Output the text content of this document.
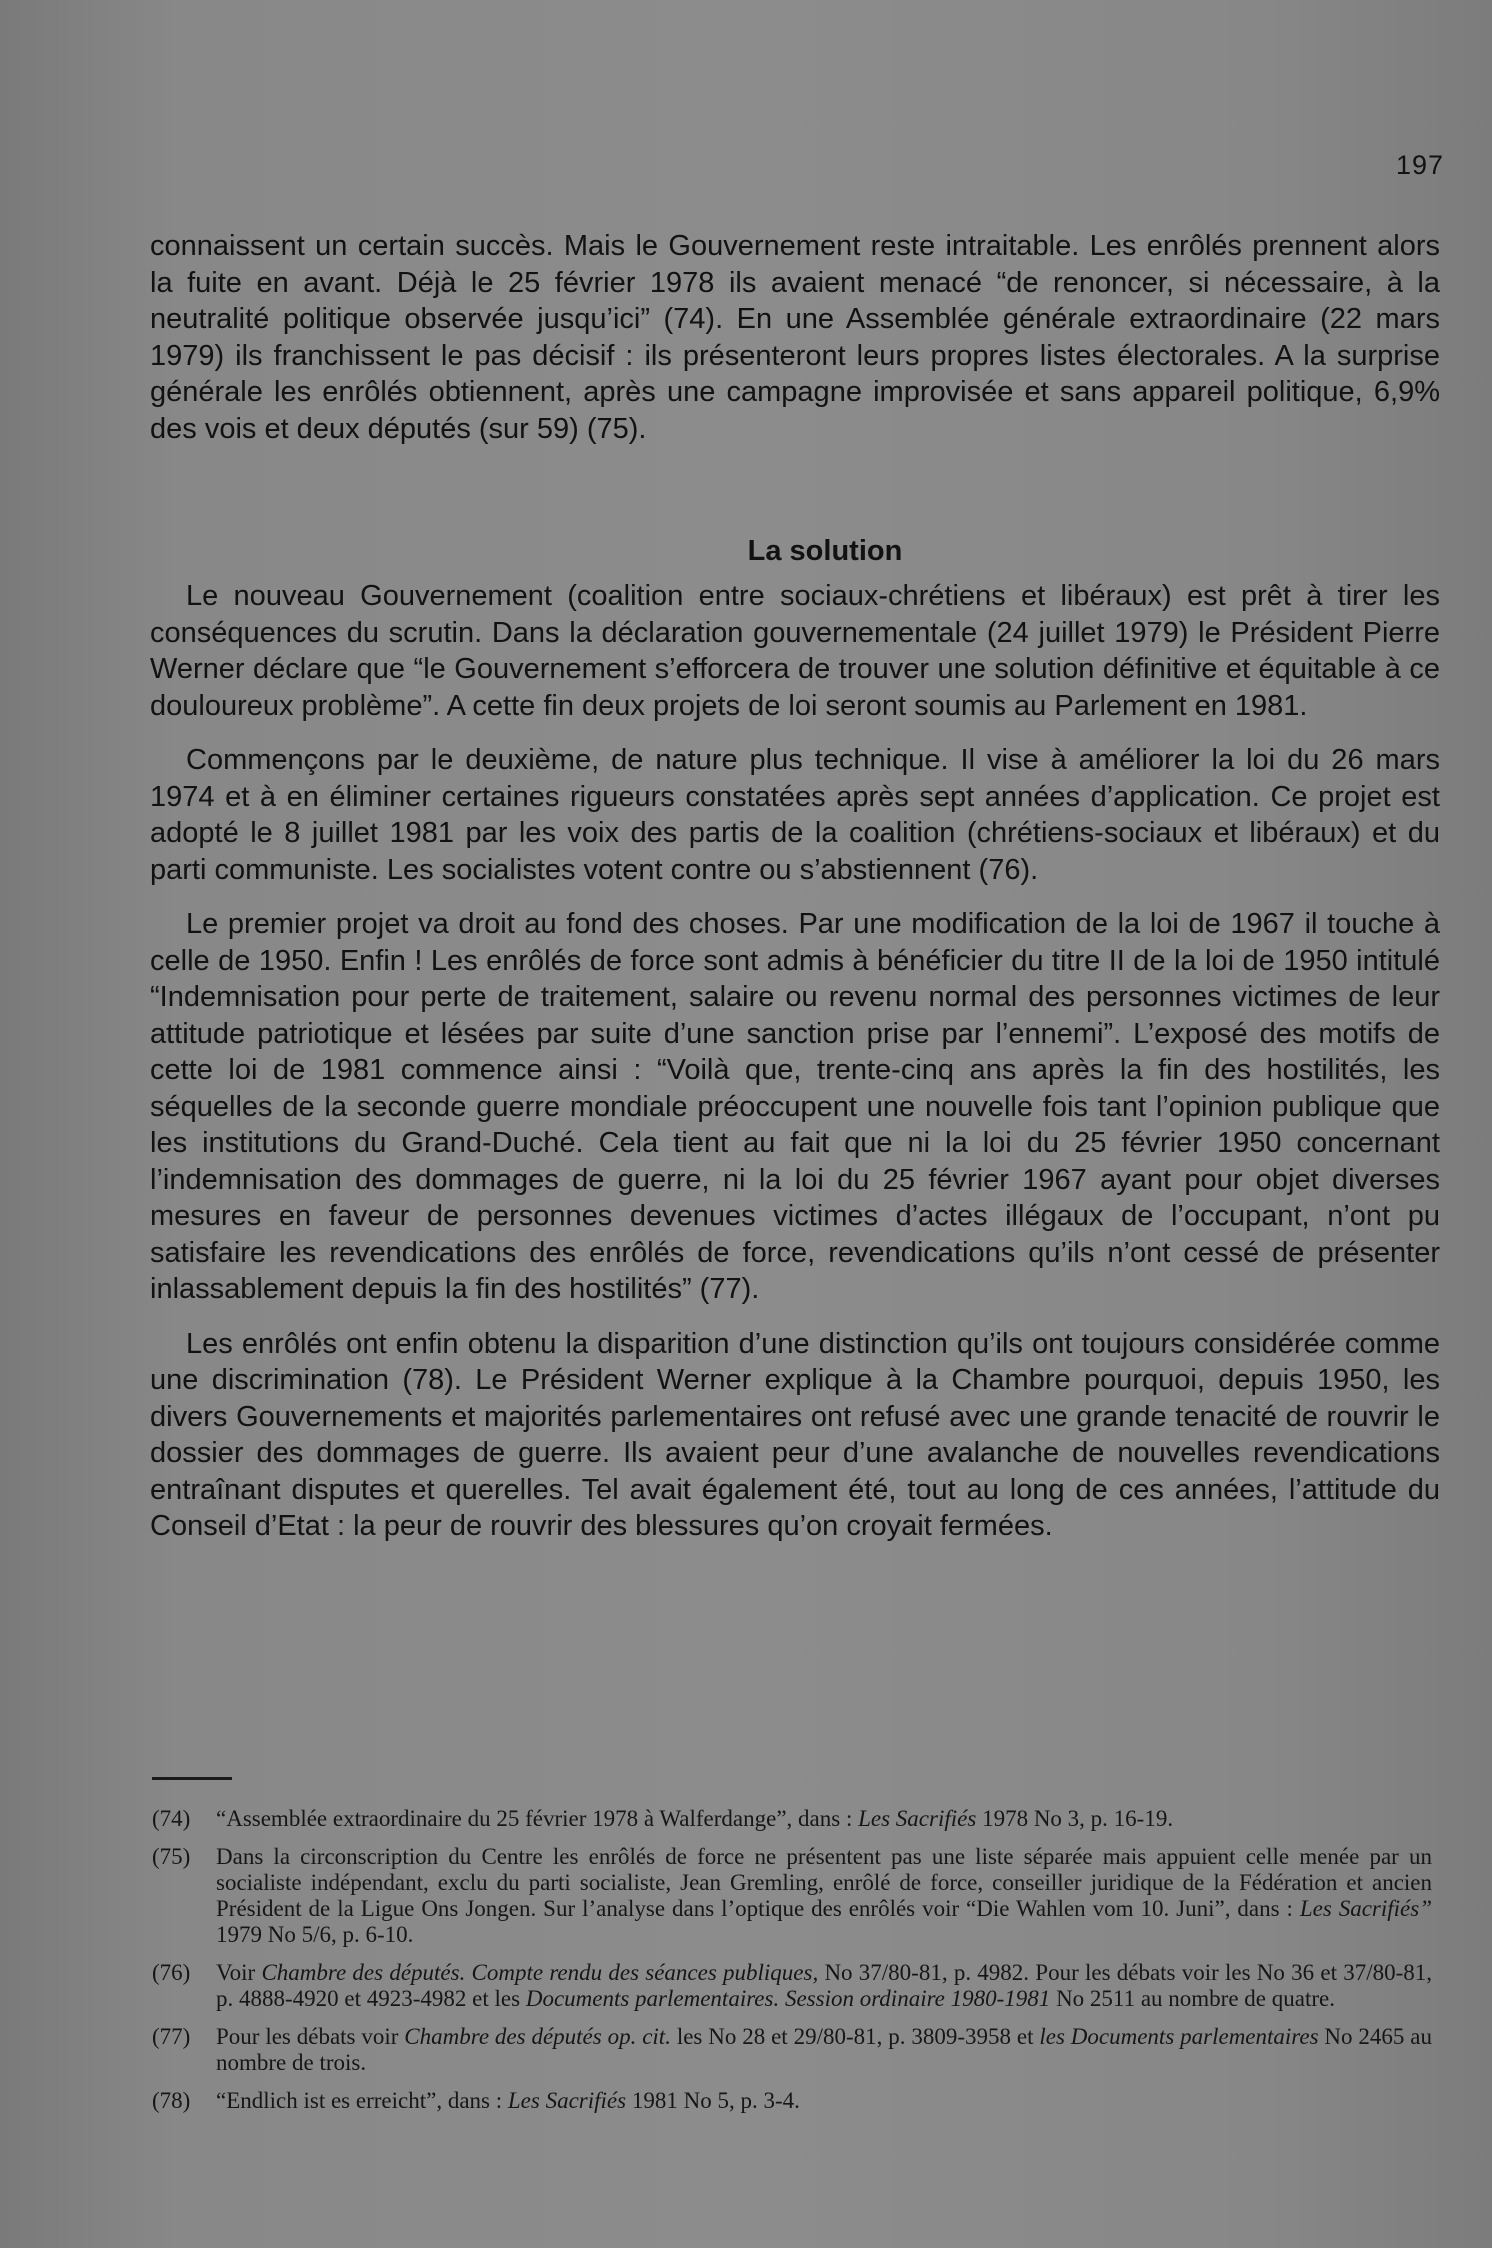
197

connaissent un certain succès. Mais le Gouvernement reste intraitable. Les enrôlés prennent alors la fuite en avant. Déjà le 25 février 1978 ils avaient menacé “de renoncer, si nécessaire, à la neutralité politique observée jusqu’ici” (74). En une Assemblée générale extraordinaire (22 mars 1979) ils franchissent le pas décisif : ils présenteront leurs propres listes électorales. A la surprise générale les enrôlés obtiennent, après une campagne improvisée et sans appareil politique, 6,9% des vois et deux députés (sur 59) (75).

La solution

Le nouveau Gouvernement (coalition entre sociaux-chrétiens et libéraux) est prêt à tirer les conséquences du scrutin. Dans la déclaration gouvernementale (24 juillet 1979) le Président Pierre Werner déclare que “le Gouvernement s’efforcera de trouver une solution définitive et équitable à ce douloureux problème”. A cette fin deux projets de loi seront soumis au Parlement en 1981.

Commençons par le deuxième, de nature plus technique. Il vise à améliorer la loi du 26 mars 1974 et à en éliminer certaines rigueurs constatées après sept années d’application. Ce projet est adopté le 8 juillet 1981 par les voix des partis de la coalition (chrétiens-sociaux et libéraux) et du parti communiste. Les socialistes votent contre ou s’abstiennent (76).

Le premier projet va droit au fond des choses. Par une modification de la loi de 1967 il touche à celle de 1950. Enfin ! Les enrôlés de force sont admis à bénéficier du titre II de la loi de 1950 intitulé “Indemnisation pour perte de traitement, salaire ou revenu normal des personnes victimes de leur attitude patriotique et lésées par suite d’une sanction prise par l’ennemi”. L’exposé des motifs de cette loi de 1981 commence ainsi : “Voilà que, trente-cinq ans après la fin des hostilités, les séquelles de la seconde guerre mondiale préoccupent une nouvelle fois tant l’opinion publique que les institutions du Grand-Duché. Cela tient au fait que ni la loi du 25 février 1950 concernant l’indemnisation des dommages de guerre, ni la loi du 25 février 1967 ayant pour objet diverses mesures en faveur de personnes devenues victimes d’actes illégaux de l’occupant, n’ont pu satisfaire les revendications des enrôlés de force, revendications qu’ils n’ont cessé de présenter inlassablement depuis la fin des hostilités” (77).

Les enrôlés ont enfin obtenu la disparition d’une distinction qu’ils ont toujours considérée comme une discrimination (78). Le Président Werner explique à la Chambre pourquoi, depuis 1950, les divers Gouvernements et majorités parlementaires ont refusé avec une grande tenacité de rouvrir le dossier des dommages de guerre. Ils avaient peur d’une avalanche de nouvelles revendications entraînant disputes et querelles. Tel avait également été, tout au long de ces années, l’attitude du Conseil d’Etat : la peur de rouvrir des blessures qu’on croyait fermées.

(74)	“Assemblée extraordinaire du 25 février 1978 à Walferdange”, dans : Les Sacrifiés 1978 No 3, p. 16-19.
(75)	Dans la circonscription du Centre les enrôlés de force ne présentent pas une liste séparée mais appuient celle menée par un socialiste indépendant, exclu du parti socialiste, Jean Gremling, enrôlé de force, conseiller juridique de la Fédération et ancien Président de la Ligue Ons Jongen. Sur l’analyse dans l’optique des enrôlés voir “Die Wahlen vom 10. Juni”, dans : Les Sacrifiés” 1979 No 5/6, p. 6-10.
(76)	Voir Chambre des députés. Compte rendu des séances publiques, No 37/80-81, p. 4982. Pour les débats voir les No 36 et 37/80-81, p. 4888-4920 et 4923-4982 et les Documents parlementaires. Session ordinaire 1980-1981 No 2511 au nombre de quatre.
(77)	Pour les débats voir Chambre des députés op. cit. les No 28 et 29/80-81, p. 3809-3958 et les Documents parlementaires No 2465 au nombre de trois.
(78)	“Endlich ist es erreicht”, dans : Les Sacrifiés 1981 No 5, p. 3-4.
